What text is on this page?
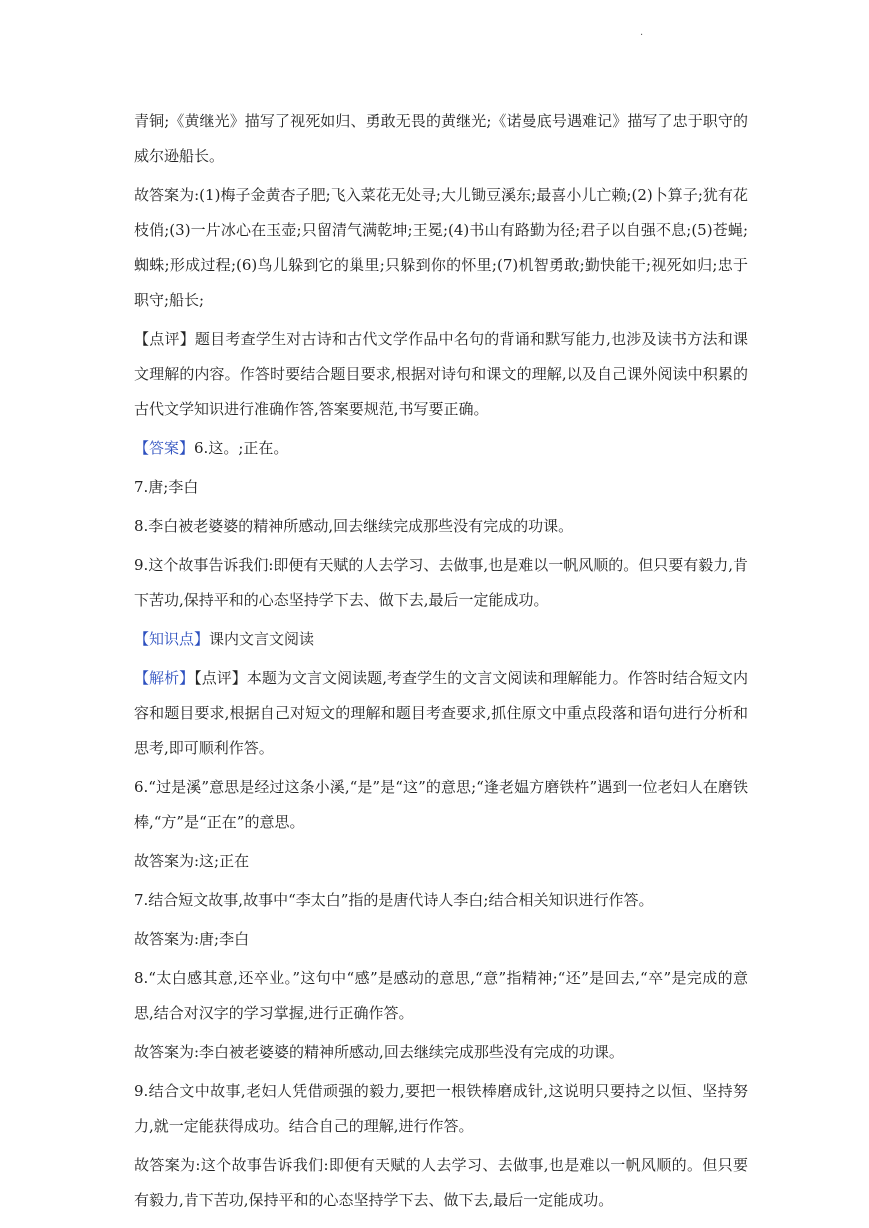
·

青铜;《黄继光》描写了视死如归、勇敢无畏的黄继光;《诺曼底号遇难记》描写了忠于职守的威尔逊船长。

故答案为:(1)梅子金黄杏子肥;飞入菜花无处寻;大儿锄豆溪东;最喜小儿亡赖;(2)卜算子;犹有花枝俏;(3)一片冰心在玉壶;只留清气满乾坤;王冕;(4)书山有路勤为径;君子以自强不息;(5)苍蝇;蜘蛛;形成过程;(6)鸟儿躲到它的巢里;只躲到你的怀里;(7)机智勇敢;勤快能干;视死如归;忠于职守;船长;

【点评】题目考查学生对古诗和古代文学作品中名句的背诵和默写能力,也涉及读书方法和课文理解的内容。作答时要结合题目要求,根据对诗句和课文的理解,以及自己课外阅读中积累的古代文学知识进行准确作答,答案要规范,书写要正确。

【答案】6.这。;正在。

7.唐;李白

8.李白被老婆婆的精神所感动,回去继续完成那些没有完成的功课。

9.这个故事告诉我们:即便有天赋的人去学习、去做事,也是难以一帆风顺的。但只要有毅力,肯下苦功,保持平和的心态坚持学下去、做下去,最后一定能成功。

【知识点】课内文言文阅读

【解析】【点评】本题为文言文阅读题,考查学生的文言文阅读和理解能力。作答时结合短文内容和题目要求,根据自己对短文的理解和题目考查要求,抓住原文中重点段落和语句进行分析和思考,即可顺利作答。

6.“过是溪”意思是经过这条小溪,“是”是“这”的意思;“逢老媪方磨铁杵”遇到一位老妇人在磨铁棒,“方”是“正在”的意思。

故答案为:这;正在

7.结合短文故事,故事中“李太白”指的是唐代诗人李白;结合相关知识进行作答。

故答案为:唐;李白

8.“太白感其意,还卒业。”这句中“感”是感动的意思,“意”指精神;“还”是回去,“卒”是完成的意思,结合对汉字的学习掌握,进行正确作答。

故答案为:李白被老婆婆的精神所感动,回去继续完成那些没有完成的功课。

9.结合文中故事,老妇人凭借顽强的毅力,要把一根铁棒磨成针,这说明只要持之以恒、坚持努力,就一定能获得成功。结合自己的理解,进行作答。

故答案为:这个故事告诉我们:即便有天赋的人去学习、去做事,也是难以一帆风顺的。但只要有毅力,肯下苦功,保持平和的心态坚持学下去、做下去,最后一定能成功。
